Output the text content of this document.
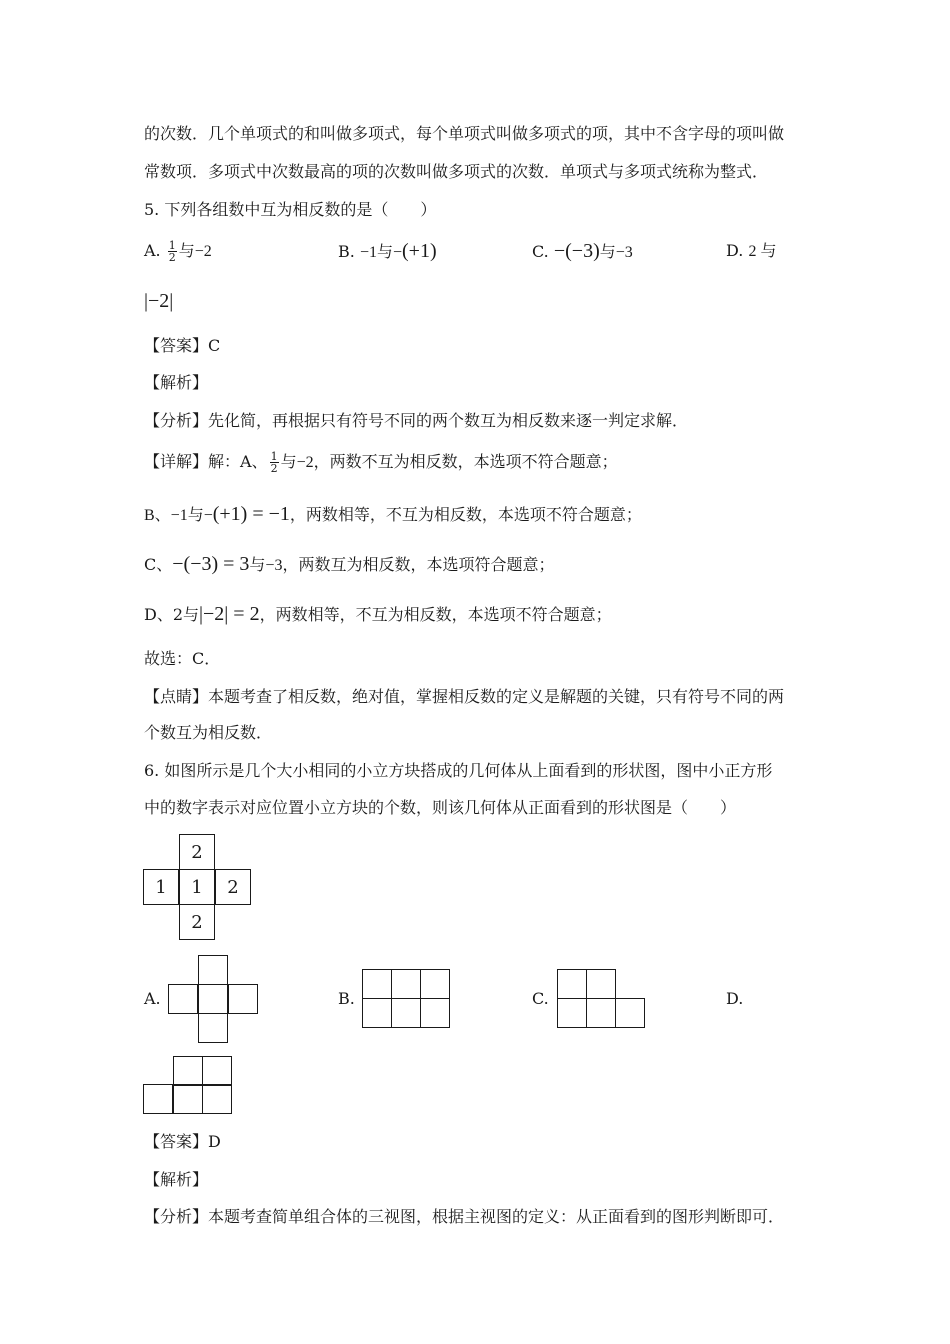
的次数．几个单项式的和叫做多项式，每个单项式叫做多项式的项，其中不含字母的项叫做
常数项．多项式中次数最高的项的次数叫做多项式的次数．单项式与多项式统称为整式．
5. 下列各组数中互为相反数的是（　　）
A. $\frac{1}{2}$ 与−2	B. −1与−(+1)	C. −(−3)与−3	D. 2 与
|−2|
【答案】C
【解析】
【分析】先化简，再根据只有符号不同的两个数互为相反数来逐一判定求解．
【详解】解：A、 $\frac{1}{2}$ 与−2，两数不互为相反数，本选项不符合题意；
B、−1与−(+1) = −1，两数相等，不互为相反数，本选项不符合题意；
C、−(−3) = 3与−3，两数互为相反数，本选项符合题意；
D、2与|−2| = 2，两数相等，不互为相反数，本选项不符合题意；
故选：C．
【点睛】本题考查了相反数，绝对值，掌握相反数的定义是解题的关键，只有符号不同的两
个数互为相反数．
6. 如图所示是几个大小相同的小立方块搭成的几何体从上面看到的形状图，图中小正方形
中的数字表示对应位置小立方块的个数，则该几何体从正面看到的形状图是（　　）
2
1	1	2
2
A.	B.	C.	D.
【答案】D
【解析】
【分析】本题考查简单组合体的三视图，根据主视图的定义：从正面看到的图形判断即可．
